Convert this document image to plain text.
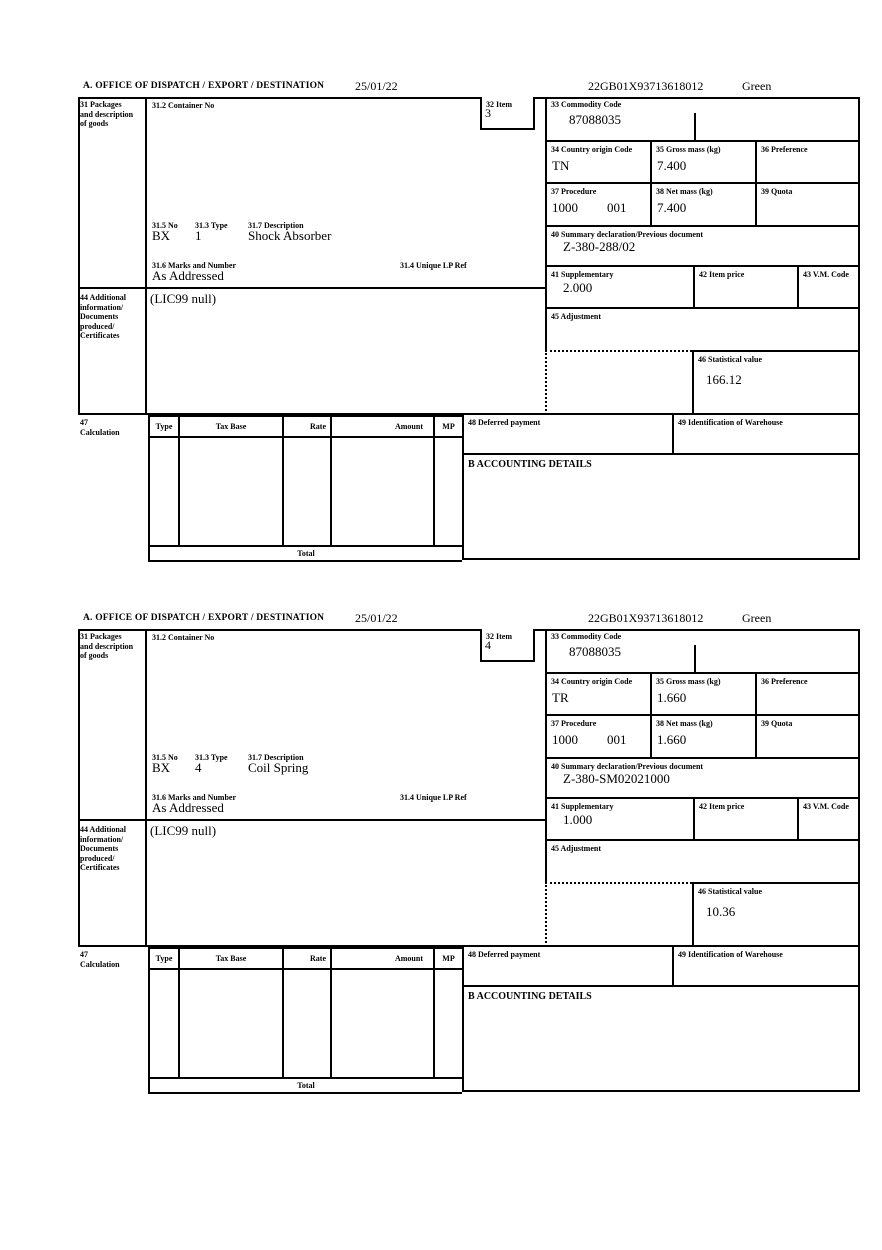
A. OFFICE OF DISPATCH / EXPORT / DESTINATION	25/01/22	22GB01X93713618012	Green
31 Packages and description of goods
31.2 Container No
31.5 No 31.3 Type	31.7 Description
BX 1	Shock Absorber
31.6 Marks and Number	31.4 Unique LP Ref
As Addressed
44 Additional information/ Documents produced/ Certificates
(LIC99 null)
32 Item
3
33 Commodity Code
87088035
34 Country origin Code
TN
35 Gross mass (kg)
7.400
36 Preference
37 Procedure
1000 001
38 Net mass (kg)
7.400
39 Quota
40 Summary declaration/Previous document
Z-380-288/02
41 Supplementary
2.000
42 Item price	43 V.M. Code
45 Adjustment
46 Statistical value
166.12
47 Calculation
Type	Tax Base	Rate	Amount	MP
Total
48 Deferred payment	49 Identification of Warehouse
B ACCOUNTING DETAILS
A. OFFICE OF DISPATCH / EXPORT / DESTINATION	25/01/22	22GB01X93713618012	Green
31 Packages and description of goods
31.2 Container No
31.5 No 31.3 Type	31.7 Description
BX 4	Coil Spring
31.6 Marks and Number	31.4 Unique LP Ref
As Addressed
44 Additional information/ Documents produced/ Certificates
(LIC99 null)
32 Item
4
33 Commodity Code
87088035
34 Country origin Code
TR
35 Gross mass (kg)
1.660
36 Preference
37 Procedure
1000 001
38 Net mass (kg)
1.660
39 Quota
40 Summary declaration/Previous document
Z-380-SM02021000
41 Supplementary
1.000
42 Item price	43 V.M. Code
45 Adjustment
46 Statistical value
10.36
47 Calculation
Type	Tax Base	Rate	Amount	MP
Total
48 Deferred payment	49 Identification of Warehouse
B ACCOUNTING DETAILS
